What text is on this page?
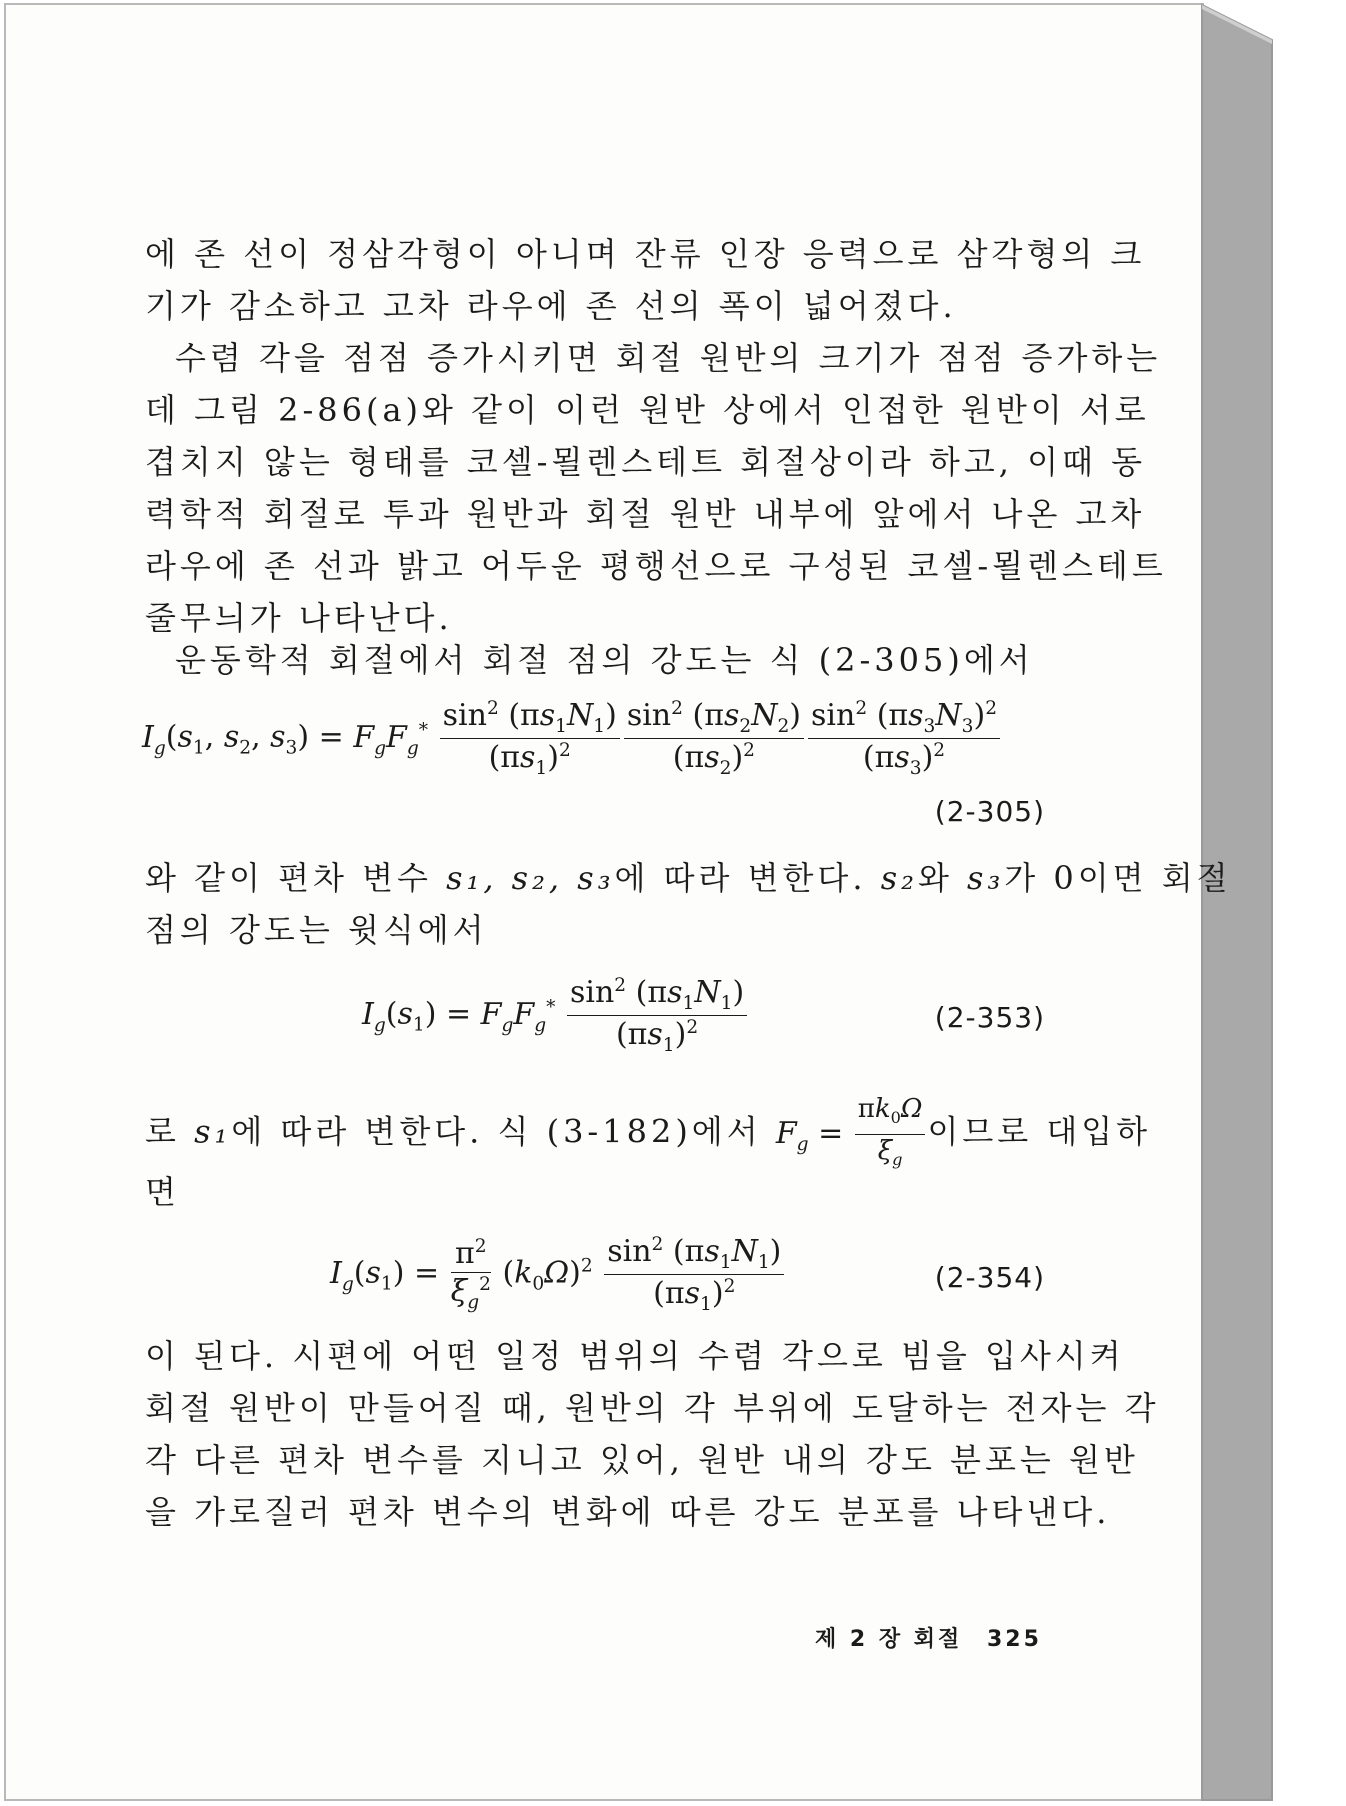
에 존 선이 정삼각형이 아니며 잔류 인장 응력으로 삼각형의 크
기가 감소하고 고차 라우에 존 선의 폭이 넓어졌다.
수렴 각을 점점 증가시키면 회절 원반의 크기가 점점 증가하는
데 그림 2-86(a)와 같이 이런 원반 상에서 인접한 원반이 서로
겹치지 않는 형태를 코셀-묄렌스테트 회절상이라 하고, 이때 동
력학적 회절로 투과 원반과 회절 원반 내부에 앞에서 나온 고차
라우에 존 선과 밝고 어두운 평행선으로 구성된 코셀-묄렌스테트
줄무늬가 나타난다.
운동학적 회절에서 회절 점의 강도는 식 (2-305)에서
$I_g(s_1$, $s_2$, $s_3) = F_gF_g^* \frac{\sin^2 (\pi s_1N_1)}{(\pi s_1)^2} \frac{\sin^2 (\pi s_2N_2)}{(\pi s_2)^2} \frac{\sin^2 (\pi s_3N_3)^2}{(\pi s_3)^2}$
(2-305)
와 같이 편차 변수 s₁, s₂, s₃에 따라 변한다. s₂와 s₃가 0이면 회절
점의 강도는 윗식에서
$I_g(s_1) = F_gF_g^* \frac{\sin^2 (\pi s_1N_1)}{(\pi s_1)^2}$	(2-353)
로 s₁에 따라 변한다. 식 (3-182)에서 $F_g = \frac{\pi k_0\Omega}{\xi_g}$ 이므로 대입하
면
$I_g(s_1) = \frac{\pi^2}{\xi_g^2} (k_0\Omega)^2 \frac{\sin^2 (\pi s_1N_1)}{(\pi s_1)^2}$	(2-354)
이 된다. 시편에 어떤 일정 범위의 수렴 각으로 빔을 입사시켜
회절 원반이 만들어질 때, 원반의 각 부위에 도달하는 전자는 각
각 다른 편차 변수를 지니고 있어, 원반 내의 강도 분포는 원반
을 가로질러 편차 변수의 변화에 따른 강도 분포를 나타낸다.
제 2 장 회절 325
